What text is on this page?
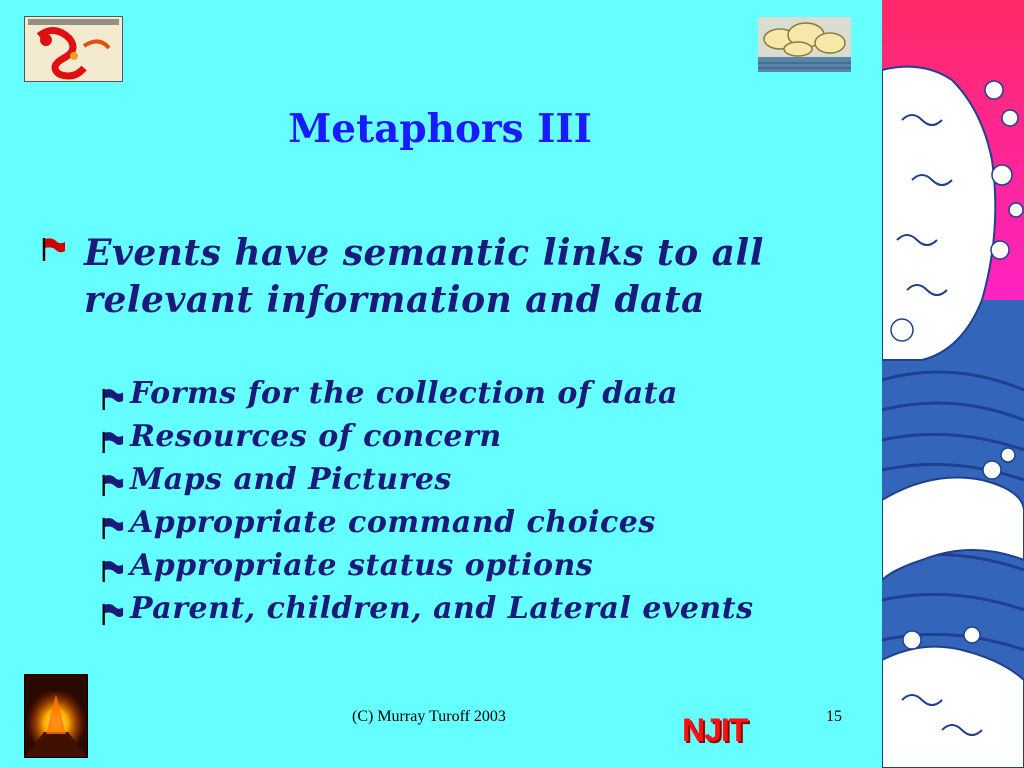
Metaphors III
Events have semantic links to all relevant information and data
Forms for the collection of data
Resources of concern
Maps and Pictures
Appropriate command choices
Appropriate status options
Parent, children, and Lateral events
(C) Murray Turoff 2003	NJIT	15
